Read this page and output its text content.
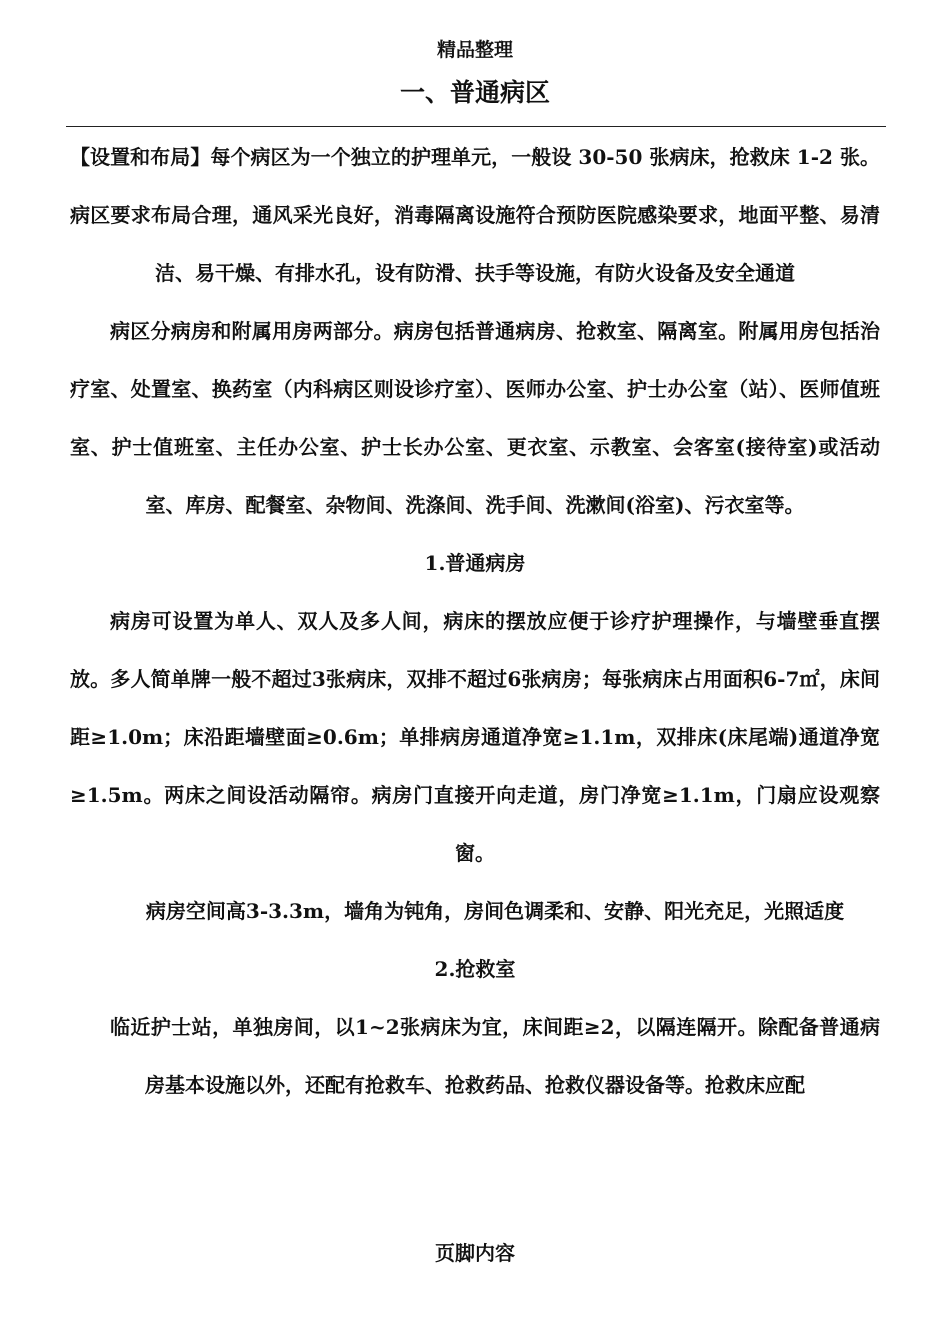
精品整理
一、普通病区

【设置和布局】每个病区为一个独立的护理单元，一般设 30-50 张病床，抢救床 1-2 张。病区要求布局合理，通风采光良好，消毒隔离设施符合预防医院感染要求，地面平整、易清洁、易干燥、有排水孔，设有防滑、扶手等设施，有防火设备及安全通道

病区分病房和附属用房两部分。病房包括普通病房、抢救室、隔离室。附属用房包括治疗室、处置室、换药室（内科病区则设诊疗室）、医师办公室、护士办公室（站）、医师值班室、护士值班室、主任办公室、护士长办公室、更衣室、示教室、会客室(接待室)或活动室、库房、配餐室、杂物间、洗涤间、洗手间、洗漱间(浴室)、污衣室等。

1.普通病房

病房可设置为单人、双人及多人间，病床的摆放应便于诊疗护理操作，与墙壁垂直摆放。多人简单牌一般不超过3张病床，双排不超过6张病房；每张病床占用面积6-7㎡，床间距≥1.0m；床沿距墙壁面≥0.6m；单排病房通道净宽≥1.1m，双排床(床尾端)通道净宽≥1.5m。两床之间设活动隔帘。病房门直接开向走道，房门净宽≥1.1m，门扇应设观察窗。

病房空间高3-3.3m，墙角为钝角，房间色调柔和、安静、阳光充足，光照适度

2.抢救室

临近护士站，单独房间，以1~2张病床为宜，床间距≥2，以隔连隔开。除配备普通病房基本设施以外，还配有抢救车、抢救药品、抢救仪器设备等。抢救床应配

页脚内容
